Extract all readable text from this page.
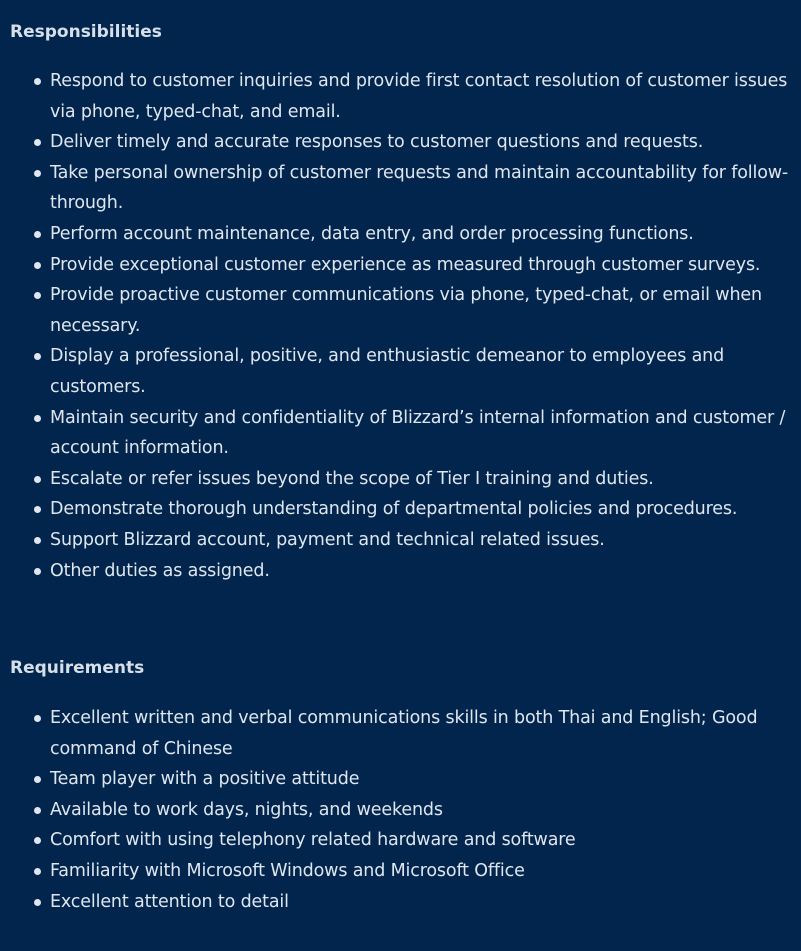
Responsibilities
Respond to customer inquiries and provide first contact resolution of customer issues via phone, typed-chat, and email.
Deliver timely and accurate responses to customer questions and requests.
Take personal ownership of customer requests and maintain accountability for follow-through.
Perform account maintenance, data entry, and order processing functions.
Provide exceptional customer experience as measured through customer surveys.
Provide proactive customer communications via phone, typed-chat, or email when necessary.
Display a professional, positive, and enthusiastic demeanor to employees and customers.
Maintain security and confidentiality of Blizzard’s internal information and customer / account information.
Escalate or refer issues beyond the scope of Tier I training and duties.
Demonstrate thorough understanding of departmental policies and procedures.
Support Blizzard account, payment and technical related issues.
Other duties as assigned.
Requirements
Excellent written and verbal communications skills in both Thai and English; Good command of Chinese
Team player with a positive attitude
Available to work days, nights, and weekends
Comfort with using telephony related hardware and software
Familiarity with Microsoft Windows and Microsoft Office
Excellent attention to detail
